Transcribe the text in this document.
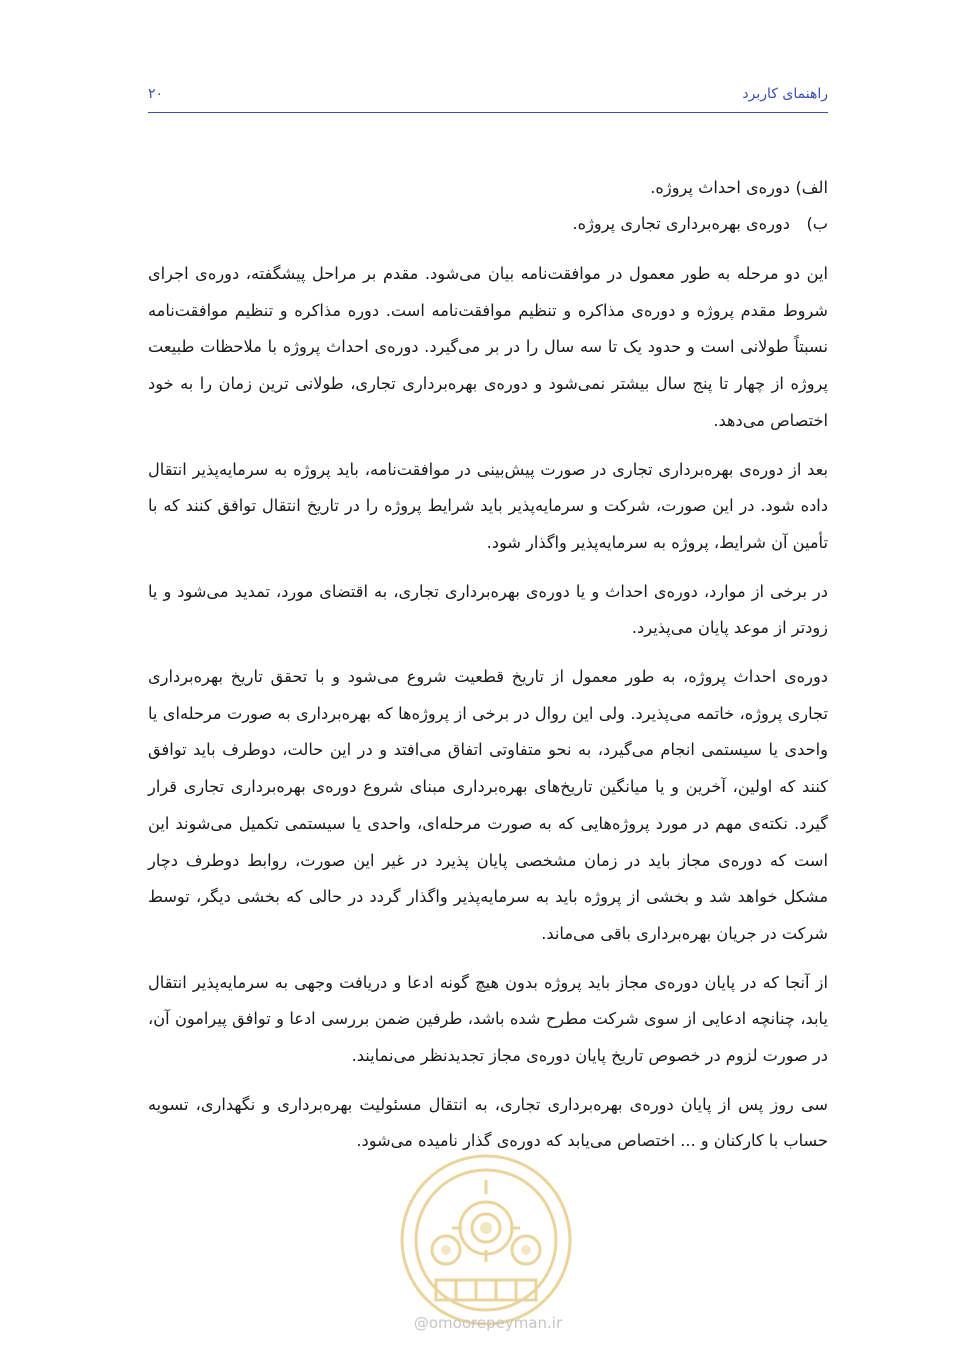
۲۰	راهنمای کاربرد
الف)
دوره‌ی احداث پروژه.
ب)
دوره‌ی بهره‌برداری تجاری پروژه.

این دو مرحله به طور معمول در موافقت‌نامه بیان می‌شود. مقدم بر مراحل پیشگفته، دوره‌ی اجرای شروط مقدم پروژه و دوره‌ی مذاکره و تنظیم موافقت‌نامه است. دوره مذاکره و تنظیم موافقت‌نامه نسبتاً طولانی است و حدود یک تا سه سال را در بر می‌گیرد. دوره‌ی احداث پروژه با ملاحظات طبیعت پروژه از چهار تا پنج سال بیشتر نمی‌شود و دوره‌ی بهره‌برداری تجاری، طولانی ترین زمان را به خود اختصاص می‌دهد.

بعد از دوره‌ی بهره‌برداری تجاری در صورت پیش‌بینی در موافقت‌نامه، باید پروژه به سرمایه‌پذیر انتقال داده شود. در این صورت، شرکت و سرمایه‌پذیر باید شرایط پروژه را در تاریخ انتقال توافق کنند که با تأمین آن شرایط، پروژه به سرمایه‌پذیر واگذار شود.

در برخی از موارد، دوره‌ی احداث و یا دوره‌ی بهره‌برداری تجاری، به اقتضای مورد، تمدید می‌شود و یا زودتر از موعد پایان می‌پذیرد.

دوره‌ی احداث پروژه، به طور معمول از تاریخ قطعیت شروع می‌شود و با تحقق تاریخ بهره‌برداری تجاری پروژه، خاتمه می‌پذیرد. ولی این روال در برخی از پروژه‌ها که بهره‌برداری به صورت مرحله‌ای یا واحدی یا سیستمی انجام می‌گیرد، به نحو متفاوتی اتفاق می‌افتد و در این حالت، دوطرف باید توافق کنند که اولین، آخرین و یا میانگین تاریخ‌های بهره‌برداری مبنای شروع دوره‌ی بهره‌برداری تجاری قرار گیرد. نکته‌ی مهم در مورد پروژه‌هایی که به صورت مرحله‌ای، واحدی یا سیستمی تکمیل می‌شوند این است که دوره‌ی مجاز باید در زمان مشخصی پایان پذیرد در غیر این صورت، روابط دوطرف دچار مشکل خواهد شد و بخشی از پروژه باید به سرمایه‌پذیر واگذار گردد در حالی که بخشی دیگر، توسط شرکت در جریان بهره‌برداری باقی می‌ماند.

از آنجا که در پایان دوره‌ی مجاز باید پروژه بدون هیچ گونه ادعا و دریافت وجهی به سرمایه‌پذیر انتقال یابد، چنانچه ادعایی از سوی شرکت مطرح شده باشد، طرفین ضمن بررسی ادعا و توافق پیرامون آن، در صورت لزوم در خصوص تاریخ پایان دوره‌ی مجاز تجدیدنظر می‌نمایند.

سی روز پس از پایان دوره‌ی بهره‌برداری تجاری، به انتقال مسئولیت بهره‌برداری و نگهداری، تسویه حساب با کارکنان و ... اختصاص می‌یابد که دوره‌ی گذار نامیده می‌شود.

@omoorepeyman.ir
